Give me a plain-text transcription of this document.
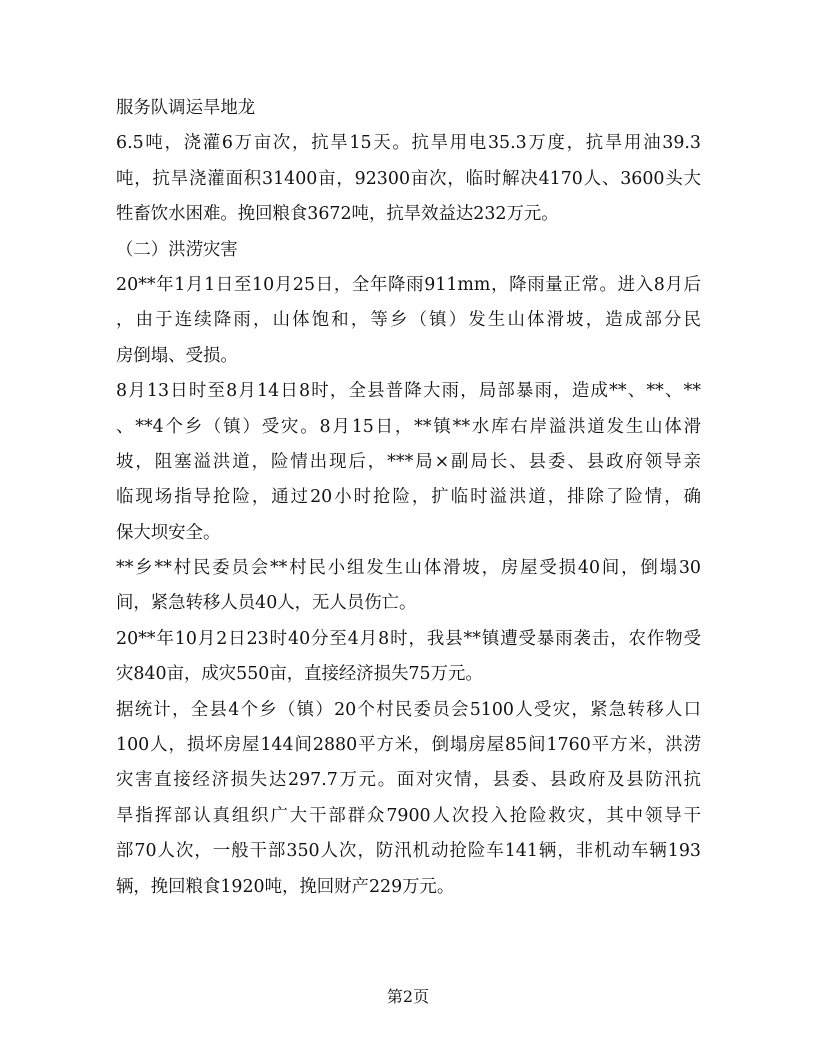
服务队调运旱地龙

6.5吨，浇灌6万亩次，抗旱15天。抗旱用电35.3万度，抗旱用油39.3

吨，抗旱浇灌面积31400亩，92300亩次，临时解决4170人、3600头大

牲畜饮水困难。挽回粮食3672吨，抗旱效益达232万元。

（二）洪涝灾害

20**年1月1日至10月25日，全年降雨911mm，降雨量正常。进入8月后

，由于连续降雨，山体饱和，等乡（镇）发生山体滑坡，造成部分民

房倒塌、受损。

8月13日时至8月14日8时，全县普降大雨，局部暴雨，造成**、**、**

、**4个乡（镇）受灾。8月15日，**镇**水库右岸溢洪道发生山体滑

坡，阻塞溢洪道，险情出现后，***局×副局长、县委、县政府领导亲

临现场指导抢险，通过20小时抢险，扩临时溢洪道，排除了险情，确

保大坝安全。

**乡**村民委员会**村民小组发生山体滑坡，房屋受损40间，倒塌30

间，紧急转移人员40人，无人员伤亡。

20**年10月2日23时40分至4月8时，我县**镇遭受暴雨袭击，农作物受

灾840亩，成灾550亩，直接经济损失75万元。

据统计，全县4个乡（镇）20个村民委员会5100人受灾，紧急转移人口

100人，损坏房屋144间2880平方米，倒塌房屋85间1760平方米，洪涝

灾害直接经济损失达297.7万元。面对灾情，县委、县政府及县防汛抗

旱指挥部认真组织广大干部群众7900人次投入抢险救灾，其中领导干

部70人次，一般干部350人次，防汛机动抢险车141辆，非机动车辆193

辆，挽回粮食1920吨，挽回财产229万元。

第2页
